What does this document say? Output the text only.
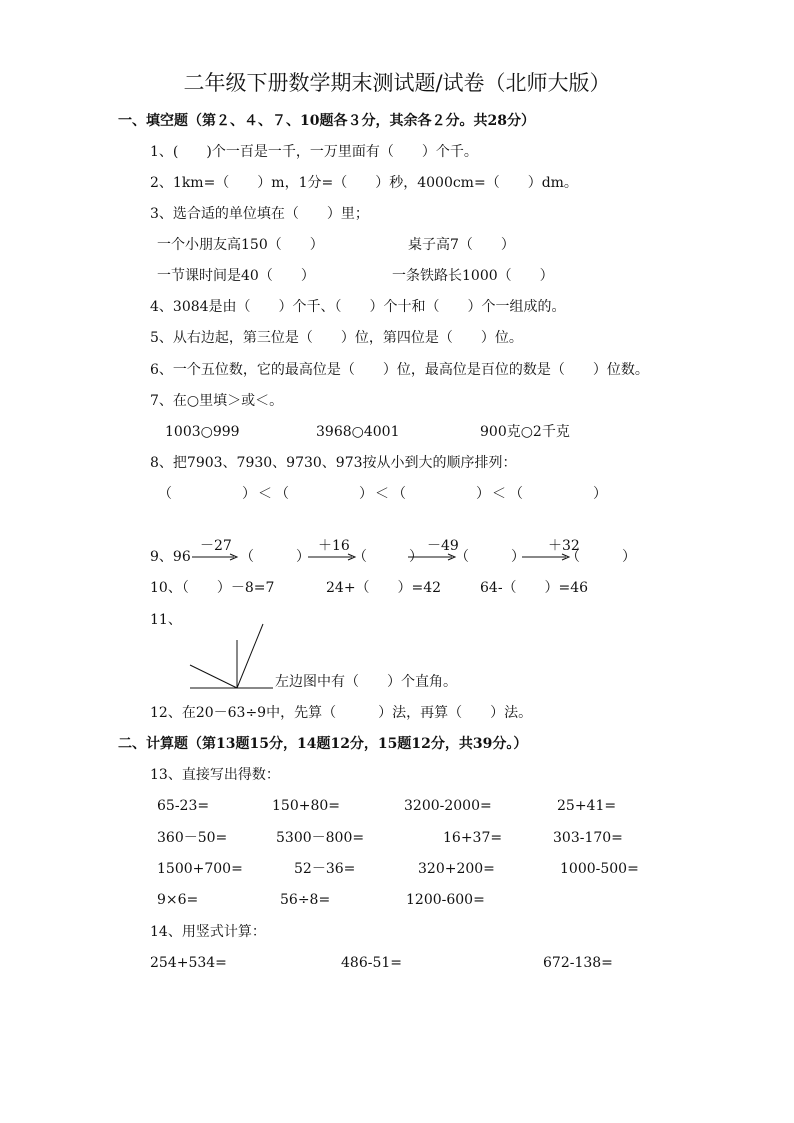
二年级下册数学期末测试题/试卷（北师大版）
一、填空题（第２、４、７、10题各３分，其余各２分。共28分）
1、(　　)个一百是一千，一万里面有（　　）个千。
2、1km=（　　）m，1分=（　　）秒，4000cm=（　　）dm。
3、选合适的单位填在（　　）里；
一个小朋友高150（　　）	桌子高7（　　）
一节课时间是40（　　）	一条铁路长1000（　　）
4、3084是由（　　）个千、（　　）个十和（　　）个一组成的。
5、从右边起，第三位是（　　）位，第四位是（　　）位。
6、一个五位数，它的最高位是（　　）位，最高位是百位的数是（　　）位数。
7、在○里填＞或＜。
1003○999	3968○4001	900克○2千克
8、把7903、7930、9730、973按从小到大的顺序排列：
（　　　　　） ＜ （　　　　　） ＜ （　　　　　） ＜ （　　　　　）
9、96
－27
（　　　）
＋16
（　　　）
－49
（　　　）
＋32
（　　　）
10、（　　）－8=7	24+（　　）=42	64-（　　）=46
11、
左边图中有（　　）个直角。
12、在20－63÷9中，先算（　　　）法，再算（　　）法。
二、计算题（第13题15分，14题12分，15题12分，共39分。）
13、直接写出得数：
65-23=	150+80=	3200-2000=	25+41=
360－50=	5300－800=	16+37=	303-170=
1500+700=	52－36=	320+200=	1000-500=
9×6=	56÷8=	1200-600=
14、用竖式计算：
254+534=	486-51=	672-138=
